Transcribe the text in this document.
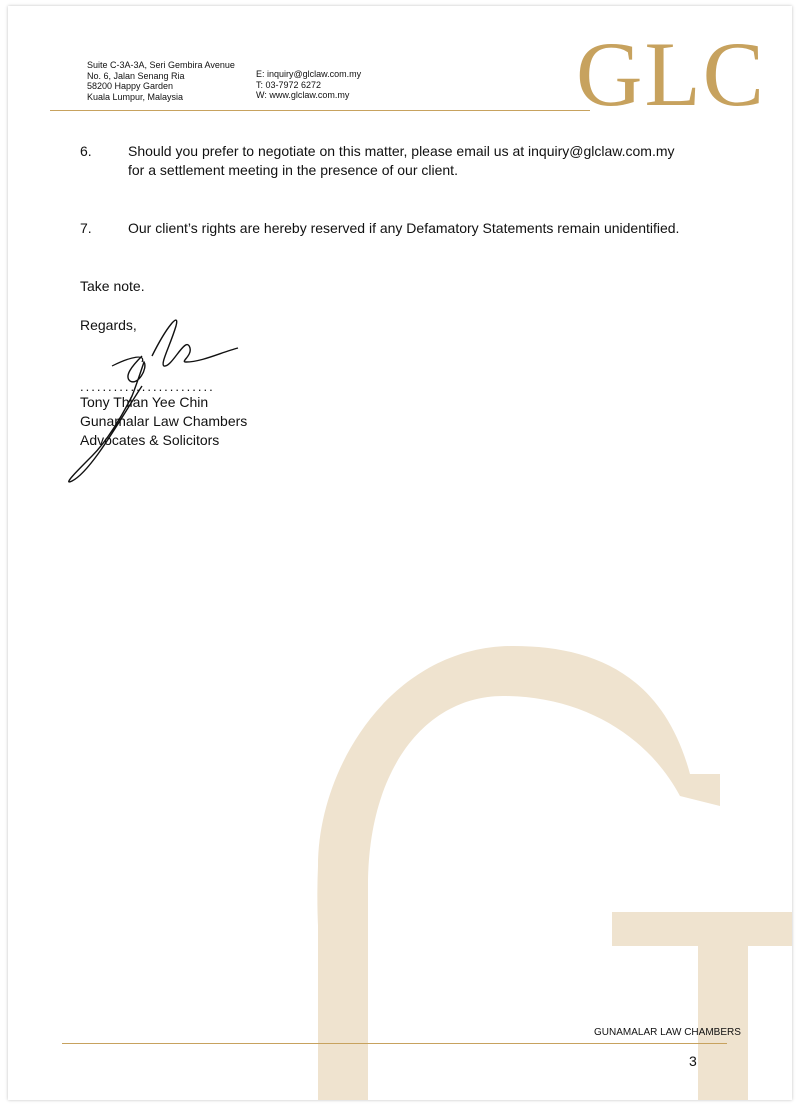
Suite C-3A-3A, Seri Gembira Avenue
No. 6, Jalan Senang Ria
58200 Happy Garden
Kuala Lumpur, Malaysia
E: inquiry@glclaw.com.my
T: 03-7972 6272
W: www.glclaw.com.my GLC
6.	Should you prefer to negotiate on this matter, please email us at inquiry@glclaw.com.my
for a settlement meeting in the presence of our client.
7.	Our client’s rights are hereby reserved if any Defamatory Statements remain unidentified.
Take note.
Regards,
........................
Tony Thian Yee Chin
Gunamalar Law Chambers
Advocates & Solicitors
GUNAMALAR LAW CHAMBERS
3
